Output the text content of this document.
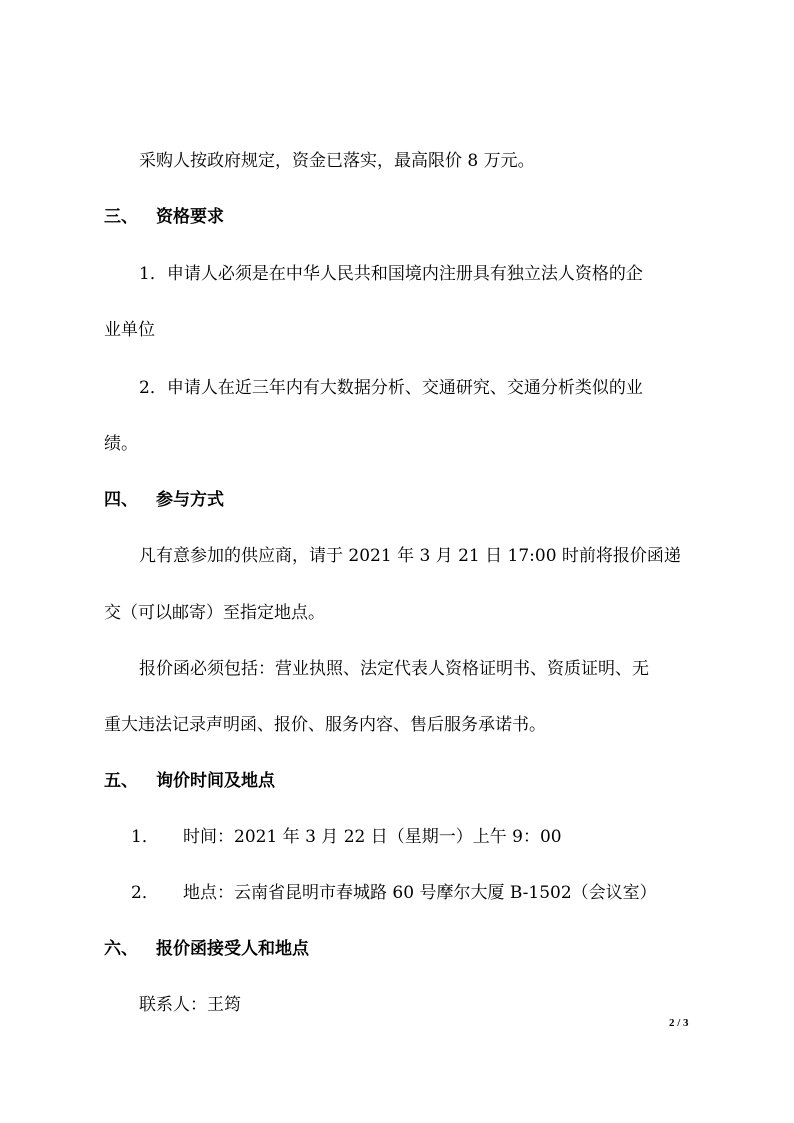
采购人按政府规定，资金已落实，最高限价 8 万元。
三、 资格要求
1．申请人必须是在中华人民共和国境内注册具有独立法人资格的企
业单位
2．申请人在近三年内有大数据分析、交通研究、交通分析类似的业
绩。
四、 参与方式
凡有意参加的供应商，请于 2021 年 3 月 21 日 17:00 时前将报价函递
交（可以邮寄）至指定地点。
报价函必须包括：营业执照、法定代表人资格证明书、资质证明、无
重大违法记录声明函、报价、服务内容、售后服务承诺书。
五、 询价时间及地点
1． 时间：2021 年 3 月 22 日（星期一）上午 9：00
2． 地点：云南省昆明市春城路 60 号摩尔大厦 B-1502（会议室）
六、 报价函接受人和地点
联系人：王筠
2 / 3
